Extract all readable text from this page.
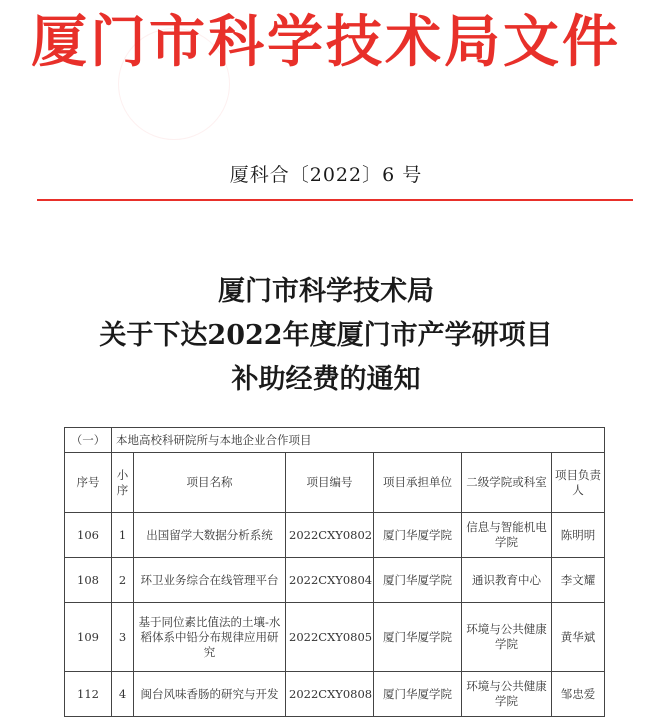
厦门市科学技术局文件
厦科合〔2022〕6 号
厦门市科学技术局
关于下达2022年度厦门市产学研项目
补助经费的通知
（一）	本地高校科研院所与本地企业合作项目					
序号	小序	项目名称	项目编号	项目承担单位	二级学院或科室	项目负责人
106	1	出国留学大数据分析系统	2022CXY0802	厦门华厦学院	信息与智能机电学院	陈明明
108	2	环卫业务综合在线管理平台	2022CXY0804	厦门华厦学院	通识教育中心	李文耀
109	3	基于同位素比值法的土壤-水稻体系中铅分布规律应用研究	2022CXY0805	厦门华厦学院	环境与公共健康学院	黄华斌
112	4	闽台风味香肠的研究与开发	2022CXY0808	厦门华厦学院	环境与公共健康学院	邹忠爱
